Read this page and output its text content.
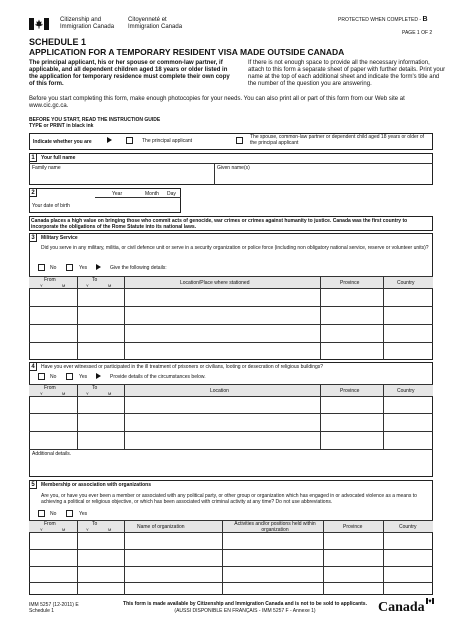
Citizenship and
Immigration Canada
Citoyenneté et
Immigration Canada
PROTECTED WHEN COMPLETED - B
PAGE 1 OF 2
SCHEDULE 1
APPLICATION FOR A TEMPORARY RESIDENT VISA MADE OUTSIDE CANADA
The principal applicant, his or her spouse or common-law partner, if applicable, and all dependent children aged 18 years or older listed in the application for temporary residence must complete their own copy of this form.
If there is not enough space to provide all the necessary information, attach to this form a separate sheet of paper with further details. Print your name at the top of each additional sheet and indicate the form's title and the number of the question you are answering.
Before you start completing this form, make enough photocopies for your needs. You can also print all or part of this form from our Web site at www.cic.gc.ca.
BEFORE YOU START, READ THE INSTRUCTION GUIDE
TYPE or PRINT in black ink
Indicate whether you are	The principal applicant
The spouse, common-law partner or dependent child aged 18 years or older of the principal applicant
1	Your full name
Family name	Given name(s)
2	Year	Month Day
Your date of birth
Canada places a high value on bringing those who commit acts of genocide, war crimes or crimes against humanity to justice. Canada was the first country to incorporate the obligations of the Rome Statute into its national laws.
3	Military Service
Did you serve in any military, militia, or civil defence unit or serve in a security organization or police force (including non obligatory national service, reserve or volunteer units)?
No	Yes	Give the following details:
From	To	Location/Place where stationed	Province	Country
Y	M	Y	M
4	Have you ever witnessed or participated in the ill treatment of prisoners or civilians, looting or desecration of religious buildings?
No	Yes	Provide details of the circumstances below.
From	To	Location	Province	Country
Y	M	Y	M
Additional details.
5	Membership or association with organizations
Are you, or have you ever been a member or associated with any political party, or other group or organization which has engaged in or advocated violence as a means to achieving a political or religious objective, or which has been associated with criminal activity at any time? Do not use abbreviations.
No	Yes
From	To	Name of organization	Activities and/or positions held within organization	Province	Country
Y	M	Y	M
IMM 5257 (12-2011) E
Schedule 1
This form is made available by Citizenship and Immigration Canada and is not to be sold to applicants.
(AUSSI DISPONIBLE EN FRANÇAIS - IMM 5257 F - Annexe 1)	Canada
